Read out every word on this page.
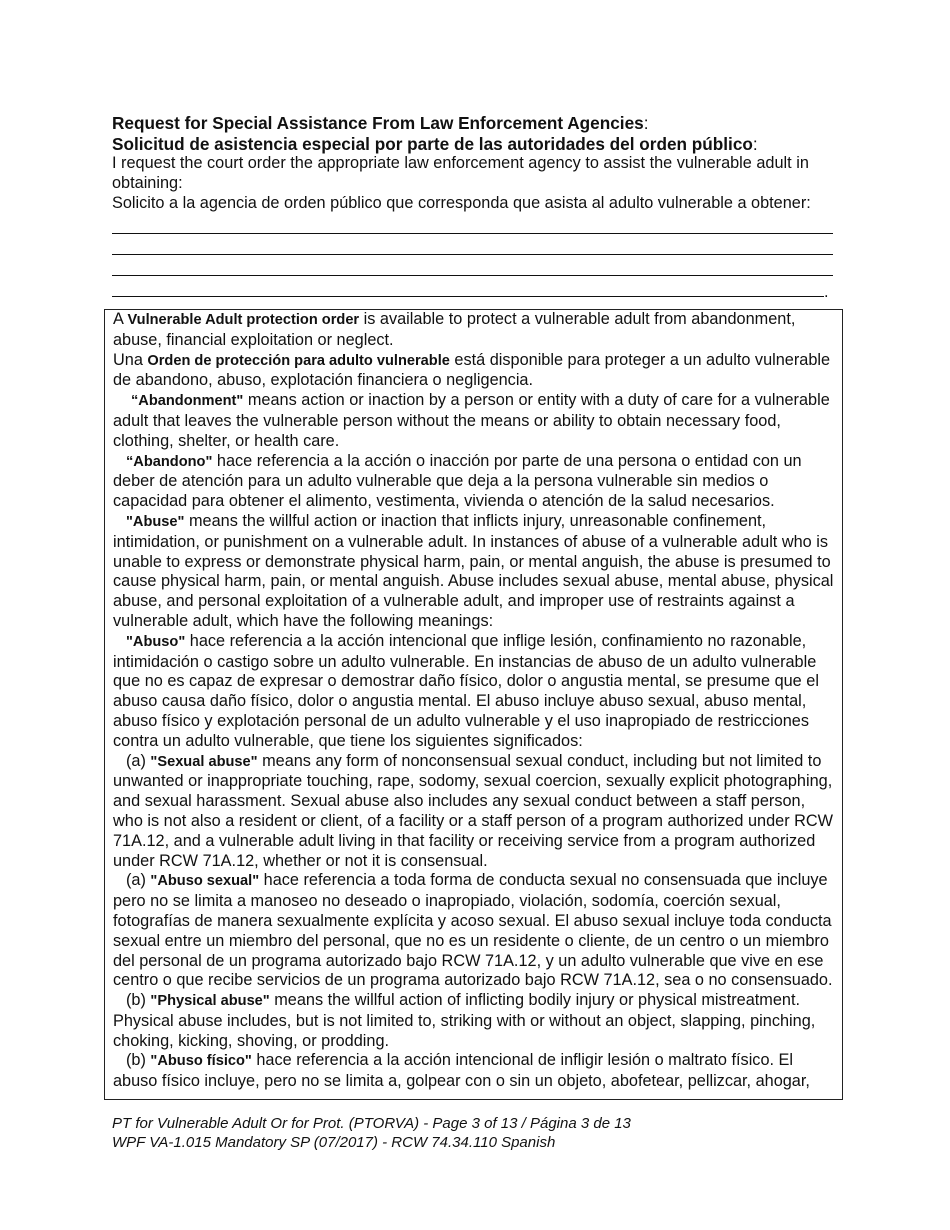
Request for Special Assistance From Law Enforcement Agencies:
Solicitud de asistencia especial por parte de las autoridades del orden público:
I request the court order the appropriate law enforcement agency to assist the vulnerable adult in obtaining:
Solicito a la agencia de orden público que corresponda que asista al adulto vulnerable a obtener:
.

A Vulnerable Adult protection order is available to protect a vulnerable adult from abandonment, abuse, financial exploitation or neglect.

Una Orden de protección para adulto vulnerable está disponible para proteger a un adulto vulnerable de abandono, abuso, explotación financiera o negligencia.

“Abandonment" means action or inaction by a person or entity with a duty of care for a vulnerable adult that leaves the vulnerable person without the means or ability to obtain necessary food, clothing, shelter, or health care.

“Abandono" hace referencia a la acción o inacción por parte de una persona o entidad con un deber de atención para un adulto vulnerable que deja a la persona vulnerable sin medios o capacidad para obtener el alimento, vestimenta, vivienda o atención de la salud necesarios.

"Abuse" means the willful action or inaction that inflicts injury, unreasonable confinement, intimidation, or punishment on a vulnerable adult. In instances of abuse of a vulnerable adult who is unable to express or demonstrate physical harm, pain, or mental anguish, the abuse is presumed to cause physical harm, pain, or mental anguish. Abuse includes sexual abuse, mental abuse, physical abuse, and personal exploitation of a vulnerable adult, and improper use of restraints against a vulnerable adult, which have the following meanings:

"Abuso" hace referencia a la acción intencional que inflige lesión, confinamiento no razonable, intimidación o castigo sobre un adulto vulnerable. En instancias de abuso de un adulto vulnerable que no es capaz de expresar o demostrar daño físico, dolor o angustia mental, se presume que el abuso causa daño físico, dolor o angustia mental. El abuso incluye abuso sexual, abuso mental, abuso físico y explotación personal de un adulto vulnerable y el uso inapropiado de restricciones contra un adulto vulnerable, que tiene los siguientes significados:

(a) "Sexual abuse" means any form of nonconsensual sexual conduct, including but not limited to unwanted or inappropriate touching, rape, sodomy, sexual coercion, sexually explicit photographing, and sexual harassment. Sexual abuse also includes any sexual conduct between a staff person, who is not also a resident or client, of a facility or a staff person of a program authorized under RCW 71A.12, and a vulnerable adult living in that facility or receiving service from a program authorized under RCW 71A.12, whether or not it is consensual.

(a) "Abuso sexual" hace referencia a toda forma de conducta sexual no consensuada que incluye pero no se limita a manoseo no deseado o inapropiado, violación, sodomía, coerción sexual, fotografías de manera sexualmente explícita y acoso sexual. El abuso sexual incluye toda conducta sexual entre un miembro del personal, que no es un residente o cliente, de un centro o un miembro del personal de un programa autorizado bajo RCW 71A.12, y un adulto vulnerable que vive en ese centro o que recibe servicios de un programa autorizado bajo RCW 71A.12, sea o no consensuado.

(b) "Physical abuse" means the willful action of inflicting bodily injury or physical mistreatment. Physical abuse includes, but is not limited to, striking with or without an object, slapping, pinching, choking, kicking, shoving, or prodding.

(b) "Abuso físico" hace referencia a la acción intencional de infligir lesión o maltrato físico. El abuso físico incluye, pero no se limita a, golpear con o sin un objeto, abofetear, pellizcar, ahogar,

PT for Vulnerable Adult Or for Prot. (PTORVA) - Page 3 of 13 / Página 3 de 13
WPF VA-1.015 Mandatory SP (07/2017) - RCW 74.34.110 Spanish
